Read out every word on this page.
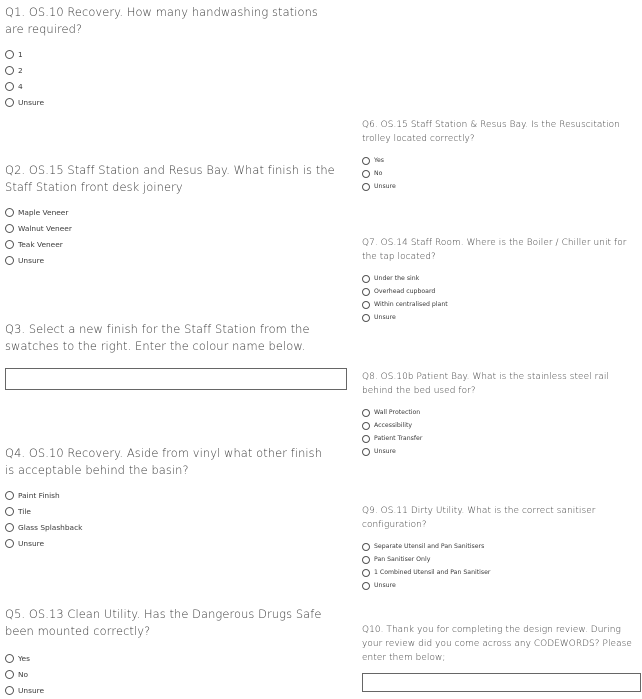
Q1. OS.10 Recovery. How many handwashing stations are required?
1
2
4
Unsure
Q2. OS.15 Staff Station and Resus Bay. What finish is the Staff Station front desk joinery
Maple Veneer
Walnut Veneer
Teak Veneer
Unsure
Q3. Select a new finish for the Staff Station from the swatches to the right. Enter the colour name below.
Q4. OS.10 Recovery. Aside from vinyl what other finish is acceptable behind the basin?
Paint Finish
Tile
Glass Splashback
Unsure
Q5. OS.13 Clean Utility. Has the Dangerous Drugs Safe been mounted correctly?
Yes
No
Unsure
Q6. OS.15 Staff Station & Resus Bay. Is the Resuscitation trolley located correctly?
Yes
No
Unsure
Q7. OS.14 Staff Room. Where is the Boiler / Chiller unit for the tap located?
Under the sink
Overhead cupboard
Within centralised plant
Unsure
Q8. OS.10b Patient Bay. What is the stainless steel rail behind the bed used for?
Wall Protection
Accessibility
Patient Transfer
Unsure
Q9. OS.11 Dirty Utility. What is the correct sanitiser configuration?
Separate Utensil and Pan Sanitisers
Pan Sanitiser Only
1 Combined Utensil and Pan Sanitiser
Unsure
Q10. Thank you for completing the design review. During your review did you come across any CODEWORDS? Please enter them below;
